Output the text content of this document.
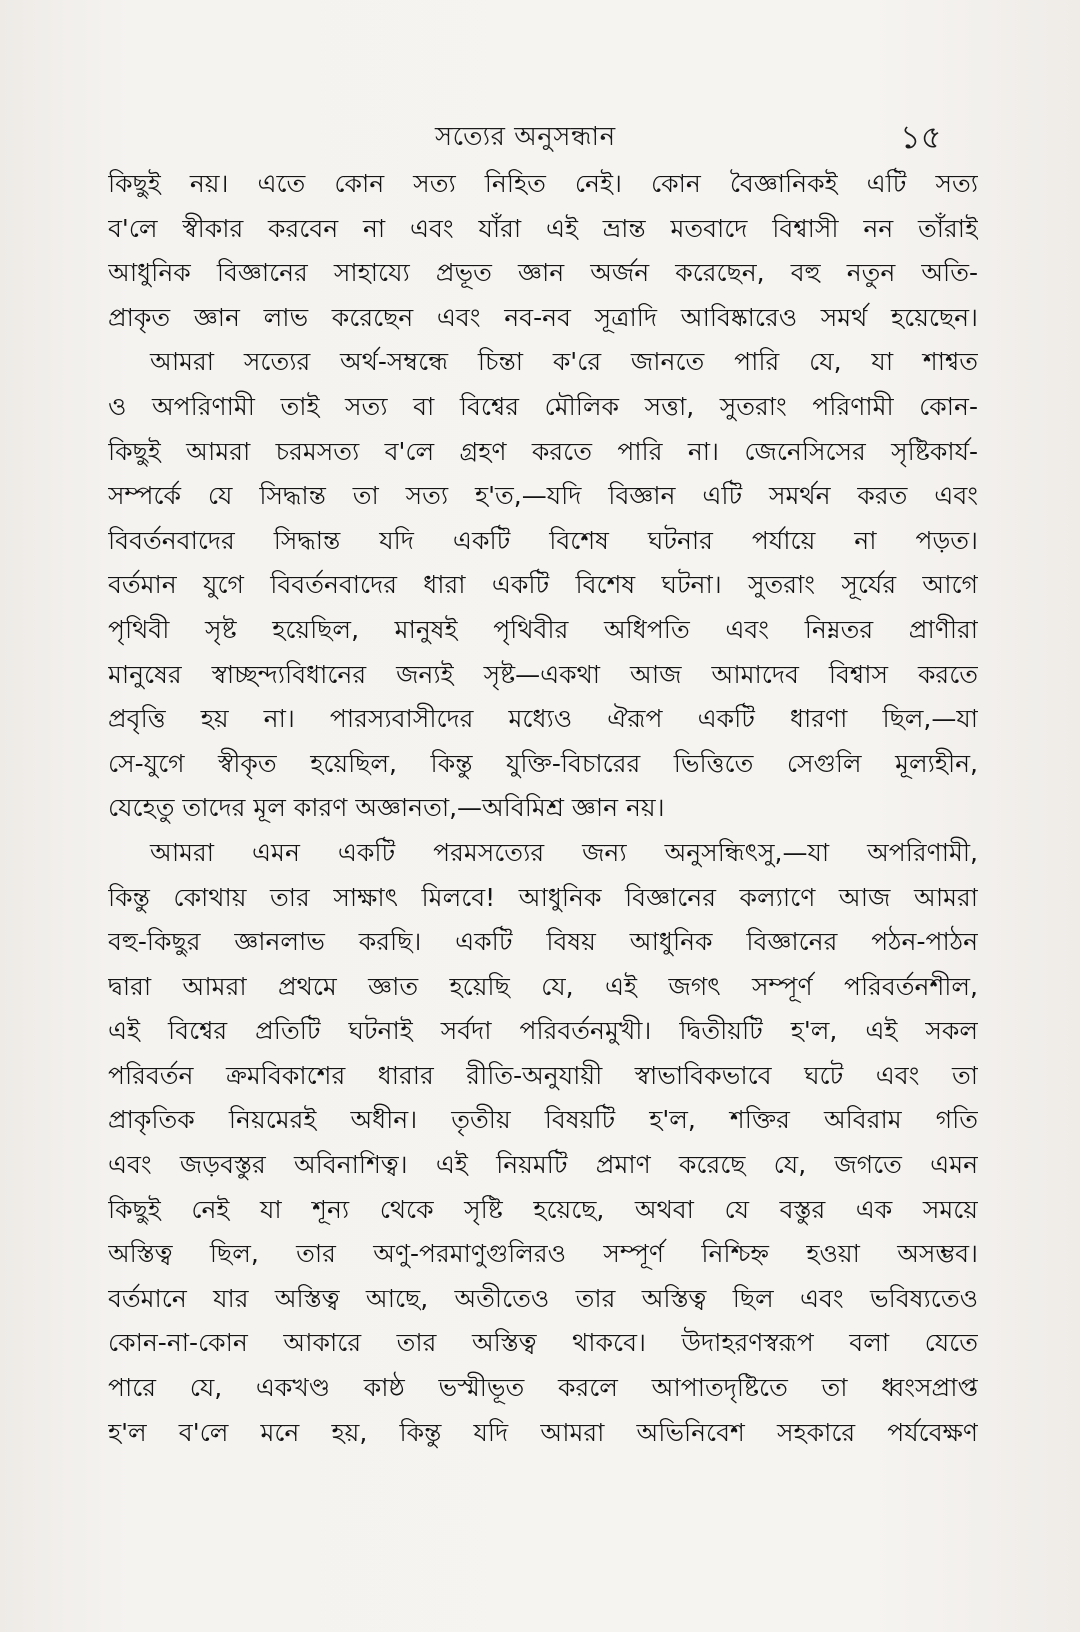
সত্যের অনুসন্ধান	১৫
কিছুই নয়। এতে কোন সত্য নিহিত নেই। কোন বৈজ্ঞানিকই এটি সত্য
ব'লে স্বীকার করবেন না এবং যাঁরা এই ভ্রান্ত মতবাদে বিশ্বাসী নন তাঁরাই
আধুনিক বিজ্ঞানের সাহায্যে প্রভূত জ্ঞান অর্জন করেছেন, বহু নতুন অতি-
প্রাকৃত জ্ঞান লাভ করেছেন এবং নব-নব সূত্রাদি আবিষ্কারেও সমর্থ হয়েছেন।
আমরা সত্যের অর্থ-সম্বন্ধে চিন্তা ক'রে জানতে পারি যে, যা শাশ্বত
ও অপরিণামী তাই সত্য বা বিশ্বের মৌলিক সত্তা, সুতরাং পরিণামী কোন-
কিছুই আমরা চরমসত্য ব'লে গ্রহণ করতে পারি না। জেনেসিসের সৃষ্টিকার্য-
সম্পর্কে যে সিদ্ধান্ত তা সত্য হ'ত,—যদি বিজ্ঞান এটি সমর্থন করত এবং
বিবর্তনবাদের সিদ্ধান্ত যদি একটি বিশেষ ঘটনার পর্যায়ে না পড়ত।
বর্তমান যুগে বিবর্তনবাদের ধারা একটি বিশেষ ঘটনা। সুতরাং সূর্যের আগে
পৃথিবী সৃষ্ট হয়েছিল, মানুষই পৃথিবীর অধিপতি এবং নিম্নতর প্রাণীরা
মানুষের স্বাচ্ছন্দ্যবিধানের জন্যই সৃষ্ট—একথা আজ আমাদেব বিশ্বাস করতে
প্রবৃত্তি হয় না। পারস্যবাসীদের মধ্যেও ঐরূপ একটি ধারণা ছিল,—যা
সে-যুগে স্বীকৃত হয়েছিল, কিন্তু যুক্তি-বিচারের ভিত্তিতে সেগুলি মূল্যহীন,
যেহেতু তাদের মূল কারণ অজ্ঞানতা,—অবিমিশ্র জ্ঞান নয়।
আমরা এমন একটি পরমসত্যের জন্য অনুসন্ধিৎসু,—যা অপরিণামী,
কিন্তু কোথায় তার সাক্ষাৎ মিলবে! আধুনিক বিজ্ঞানের কল্যাণে আজ আমরা
বহু-কিছুর জ্ঞানলাভ করছি। একটি বিষয় আধুনিক বিজ্ঞানের পঠন-পাঠন
দ্বারা আমরা প্রথমে জ্ঞাত হয়েছি যে, এই জগৎ সম্পূর্ণ পরিবর্তনশীল,
এই বিশ্বের প্রতিটি ঘটনাই সর্বদা পরিবর্তনমুখী। দ্বিতীয়টি হ'ল, এই সকল
পরিবর্তন ক্রমবিকাশের ধারার রীতি-অনুযায়ী স্বাভাবিকভাবে ঘটে এবং তা
প্রাকৃতিক নিয়মেরই অধীন। তৃতীয় বিষয়টি হ'ল, শক্তির অবিরাম গতি
এবং জড়বস্তুর অবিনাশিত্ব। এই নিয়মটি প্রমাণ করেছে যে, জগতে এমন
কিছুই নেই যা শূন্য থেকে সৃষ্টি হয়েছে, অথবা যে বস্তুর এক সময়ে
অস্তিত্ব ছিল, তার অণু-পরমাণুগুলিরও সম্পূর্ণ নিশ্চিহ্ন হওয়া অসম্ভব।
বর্তমানে যার অস্তিত্ব আছে, অতীতেও তার অস্তিত্ব ছিল এবং ভবিষ্যতেও
কোন-না-কোন আকারে তার অস্তিত্ব থাকবে। উদাহরণস্বরূপ বলা যেতে
পারে যে, একখণ্ড কাষ্ঠ ভস্মীভূত করলে আপাতদৃষ্টিতে তা ধ্বংসপ্রাপ্ত
হ'ল ব'লে মনে হয়, কিন্তু যদি আমরা অভিনিবেশ সহকারে পর্যবেক্ষণ
